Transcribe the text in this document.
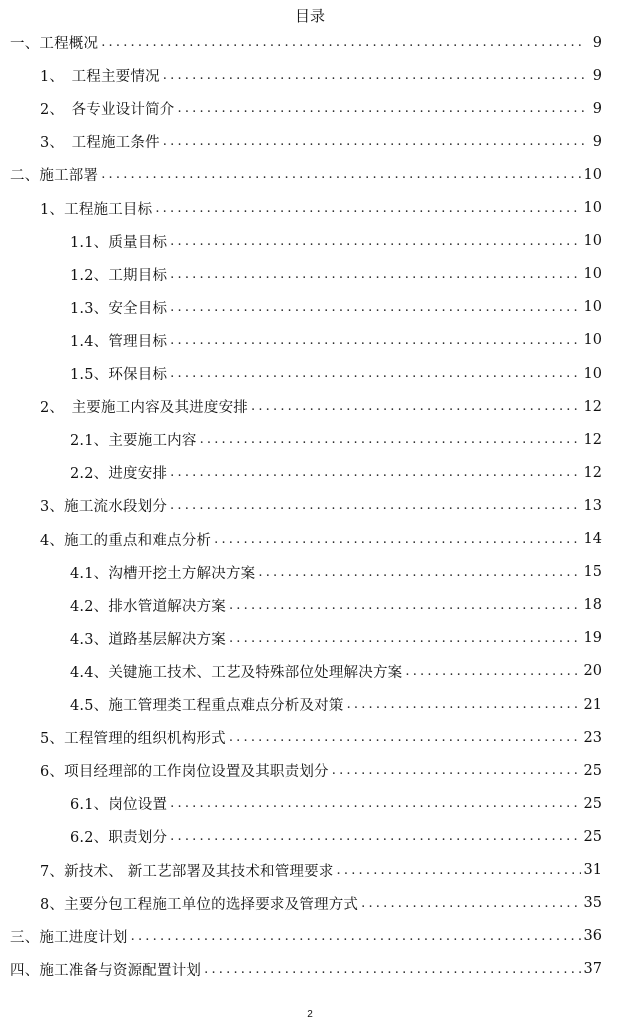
目录
一、工程概况 .....	9
1、　工程主要情况 .....	9
2、　各专业设计简介 .....	9
3、　工程施工条件 .....	9
二、施工部署 .....	10
1、工程施工目标 .....	10
1.1、质量目标 .....	10
1.2、工期目标 .....	10
1.3、安全目标 .....	10
1.4、管理目标 .....	10
1.5、环保目标 .....	10
2、　主要施工内容及其进度安排 .....	12
2.1、主要施工内容 .....	12
2.2、进度安排 .....	12
3、施工流水段划分 .....	13
4、施工的重点和难点分析 .....	14
4.1、沟槽开挖土方解决方案 .....	15
4.2、排水管道解决方案 .....	18
4.3、道路基层解决方案 .....	19
4.4、关键施工技术、工艺及特殊部位处理解决方案 .....	20
4.5、施工管理类工程重点难点分析及对策 .....	21
5、工程管理的组织机构形式 .....	23
6、项目经理部的工作岗位设置及其职责划分 .....	25
6.1、岗位设置 .....	25
6.2、职责划分 .....	25
7、新技术、 新工艺部署及其技术和管理要求 .....	31
8、主要分包工程施工单位的选择要求及管理方式 .....	35
三、施工进度计划 .....	36
四、施工准备与资源配置计划 .....	37
2
